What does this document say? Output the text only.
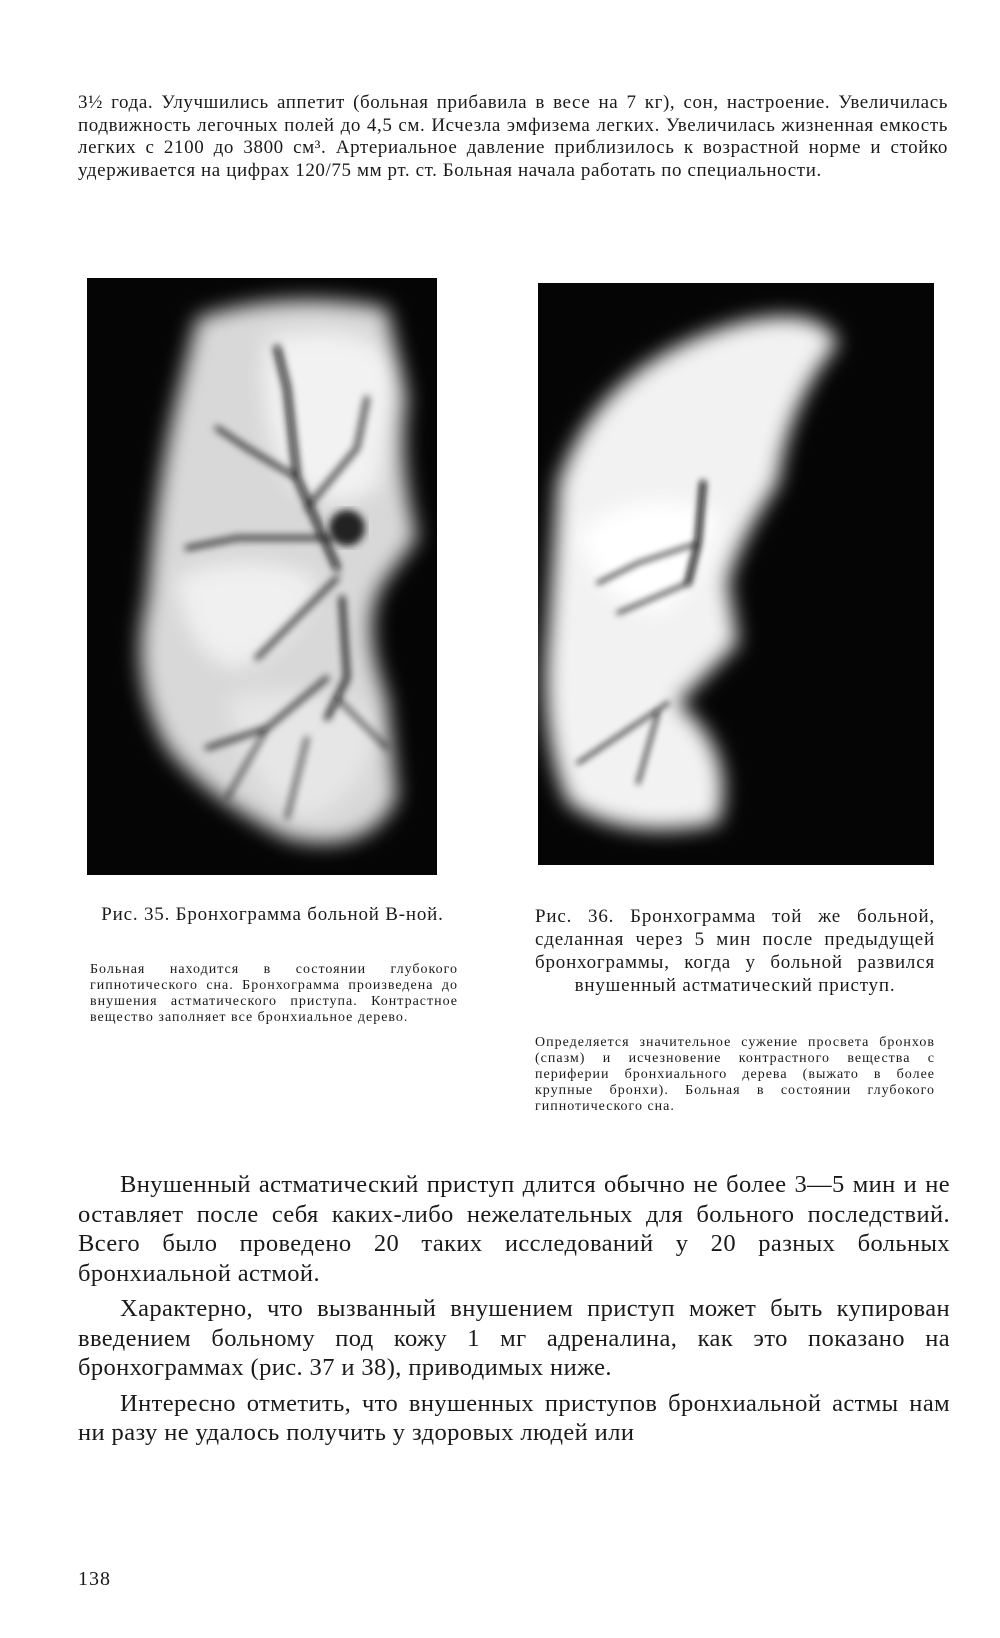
3½ года. Улучшились аппетит (больная прибавила в весе на 7 кг), сон, настроение. Увеличилась подвижность легочных полей до 4,5 см. Исчезла эмфизема легких. Увеличилась жизненная емкость легких с 2100 до 3800 см³. Артериальное давление приблизилось к возрастной норме и стойко удерживается на цифрах 120/75 мм рт. ст. Больная начала работать по специальности.
Рис. 35. Бронхограмма больной В-ной.
Больная находится в состоянии глубокого гипнотического сна. Бронхограмма произведена до внушения астматического приступа. Контрастное вещество заполняет все бронхиальное дерево.
Рис. 36. Бронхограмма той же больной, сделанная через 5 мин после предыдущей бронхограммы, когда у больной развился внушенный астматический приступ.
Определяется значительное сужение просвета бронхов (спазм) и исчезновение контрастного вещества с периферии бронхиального дерева (выжато в более крупные бронхи). Больная в состоянии глубокого гипнотического сна.

Внушенный астматический приступ длится обычно не более 3—5 мин и не оставляет после себя каких-либо нежелательных для больного последствий. Всего было проведено 20 таких исследований у 20 разных больных бронхиальной астмой.

Характерно, что вызванный внушением приступ может быть купирован введением больному под кожу 1 мг адреналина, как это показано на бронхограммах (рис. 37 и 38), приводимых ниже.

Интересно отметить, что внушенных приступов бронхиальной астмы нам ни разу не удалось получить у здоровых людей или

138
